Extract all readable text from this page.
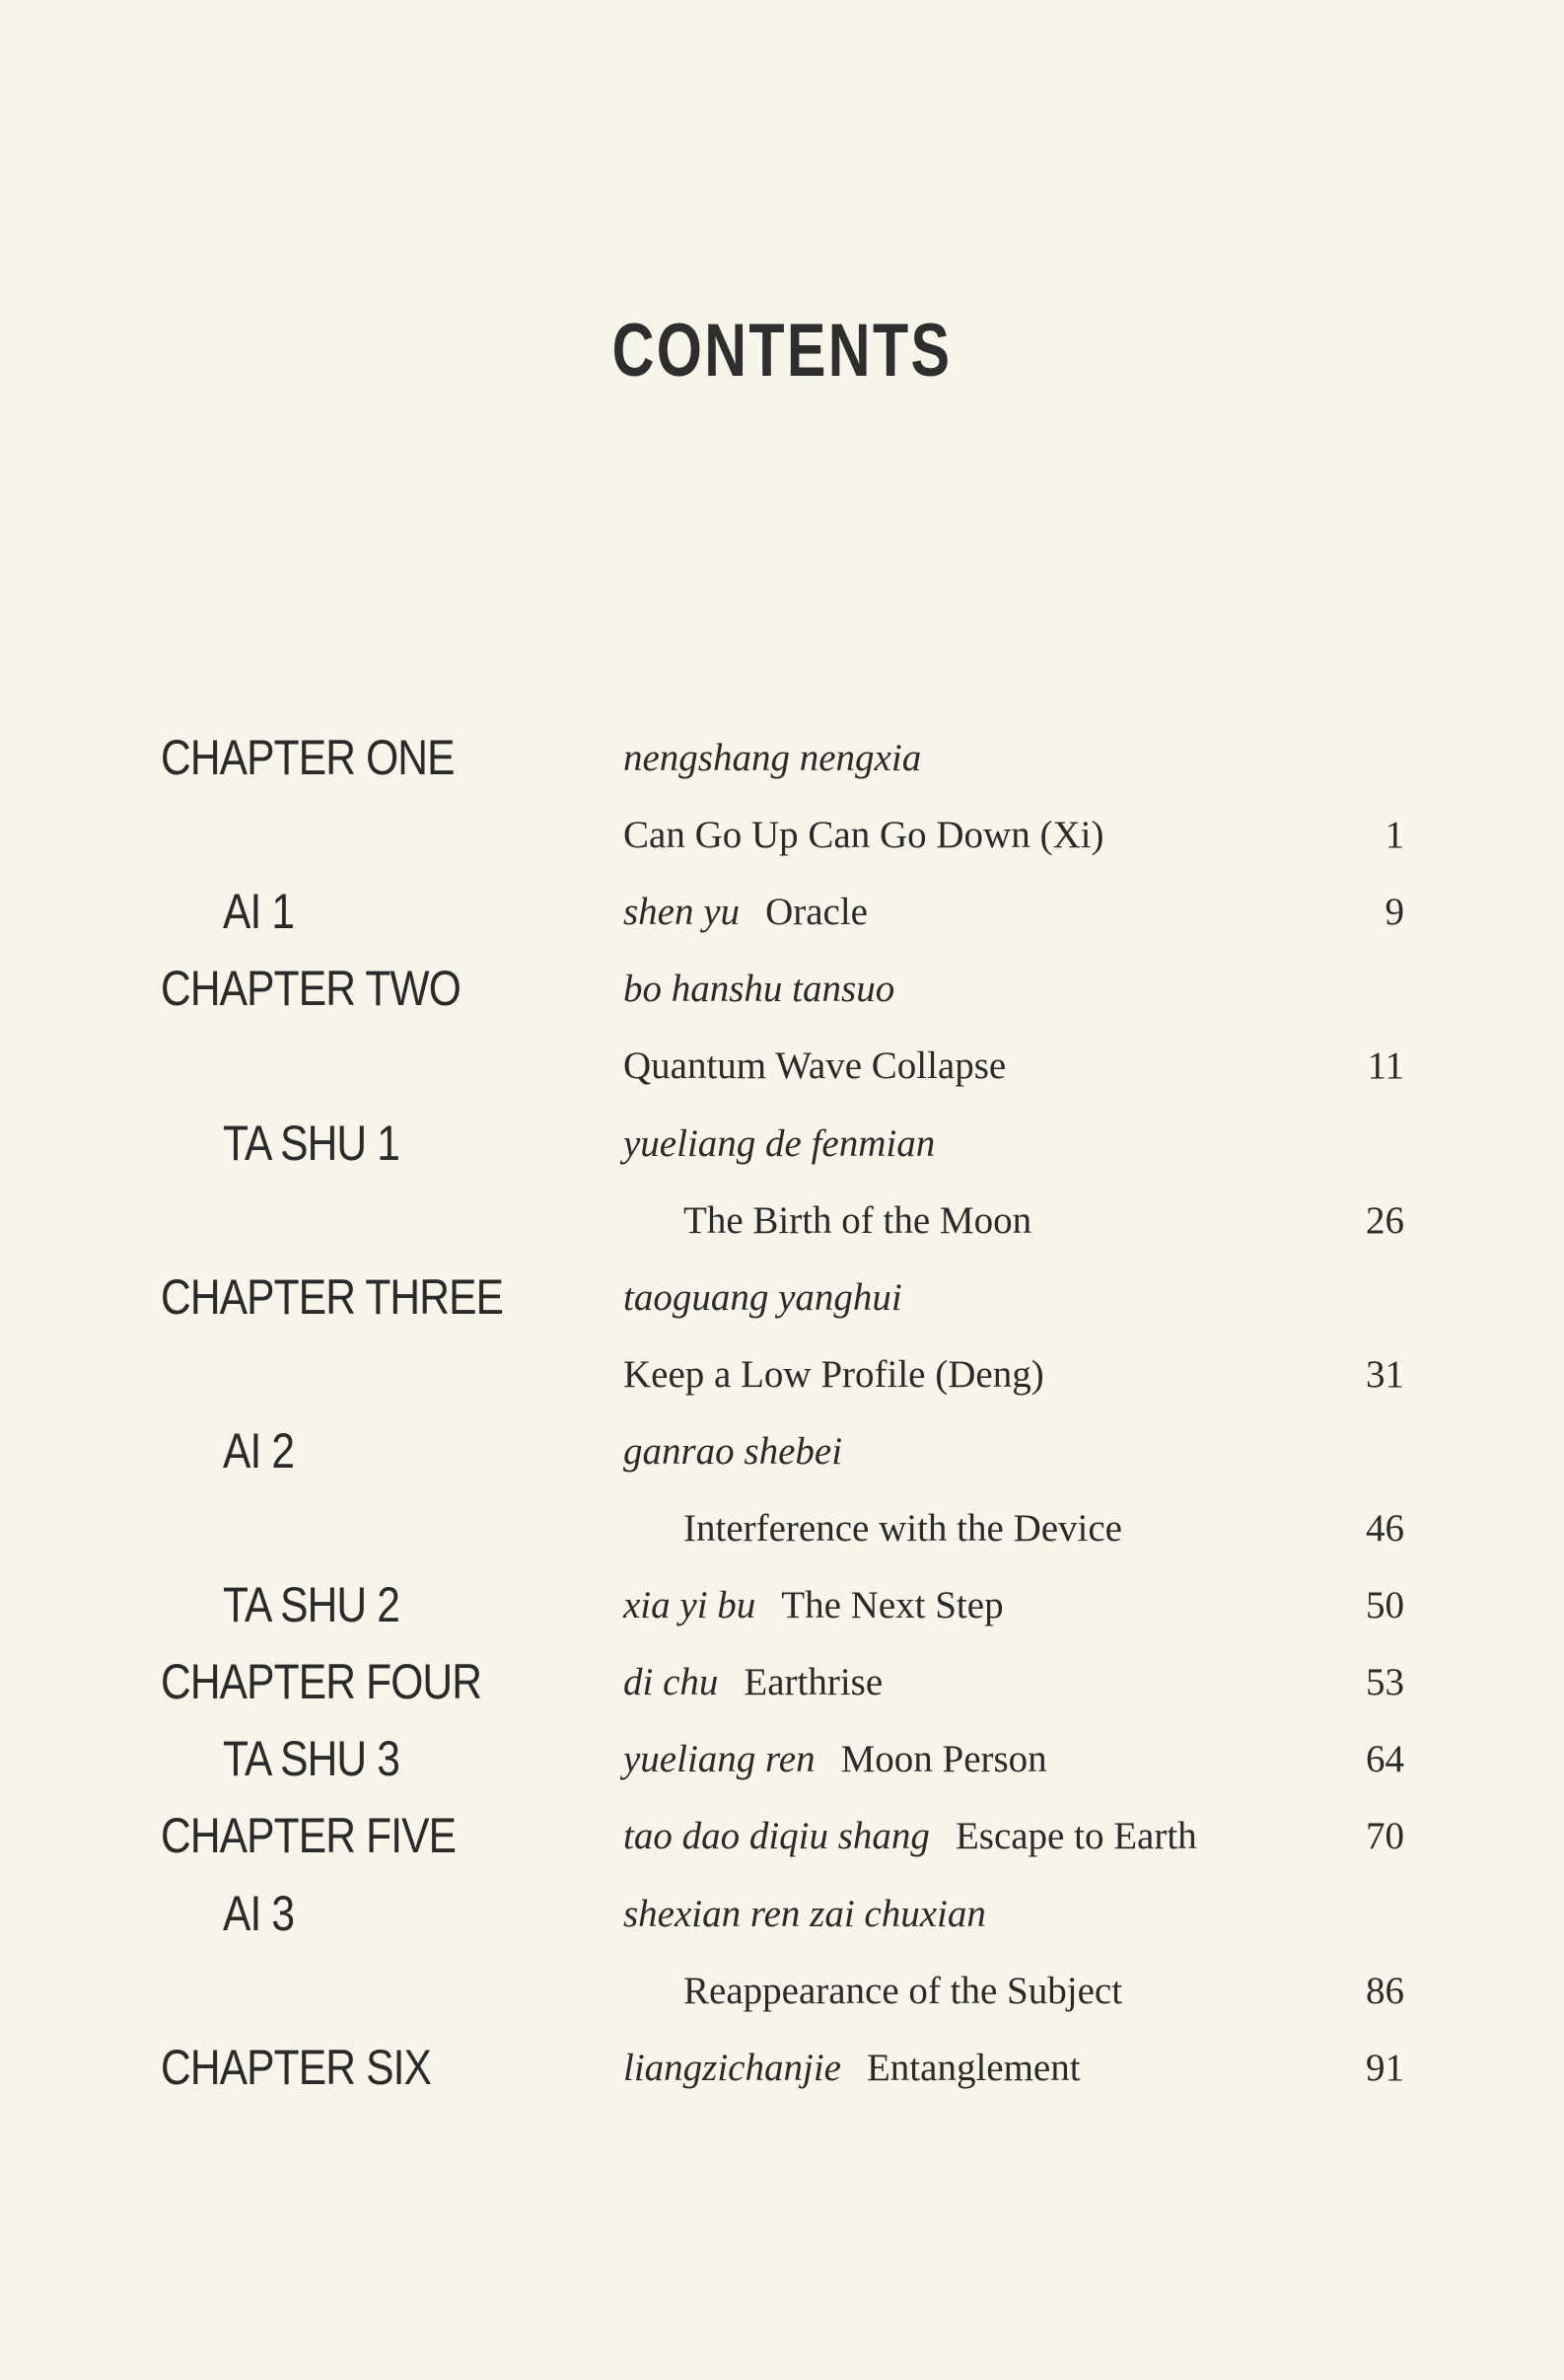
CONTENTS
CHAPTER ONE	nengshang nengxia
Can Go Up Can Go Down (Xi)	1
AI 1	shen yu Oracle	9
CHAPTER TWO	bo hanshu tansuo
Quantum Wave Collapse	11
TA SHU 1	yueliang de fenmian
The Birth of the Moon	26
CHAPTER THREE	taoguang yanghui
Keep a Low Profile (Deng)	31
AI 2	ganrao shebei
Interference with the Device	46
TA SHU 2	xia yi bu The Next Step	50
CHAPTER FOUR	di chu Earthrise	53
TA SHU 3	yueliang ren Moon Person	64
CHAPTER FIVE	tao dao diqiu shang Escape to Earth	70
AI 3	shexian ren zai chuxian
Reappearance of the Subject	86
CHAPTER SIX	liangzichanjie Entanglement	91
